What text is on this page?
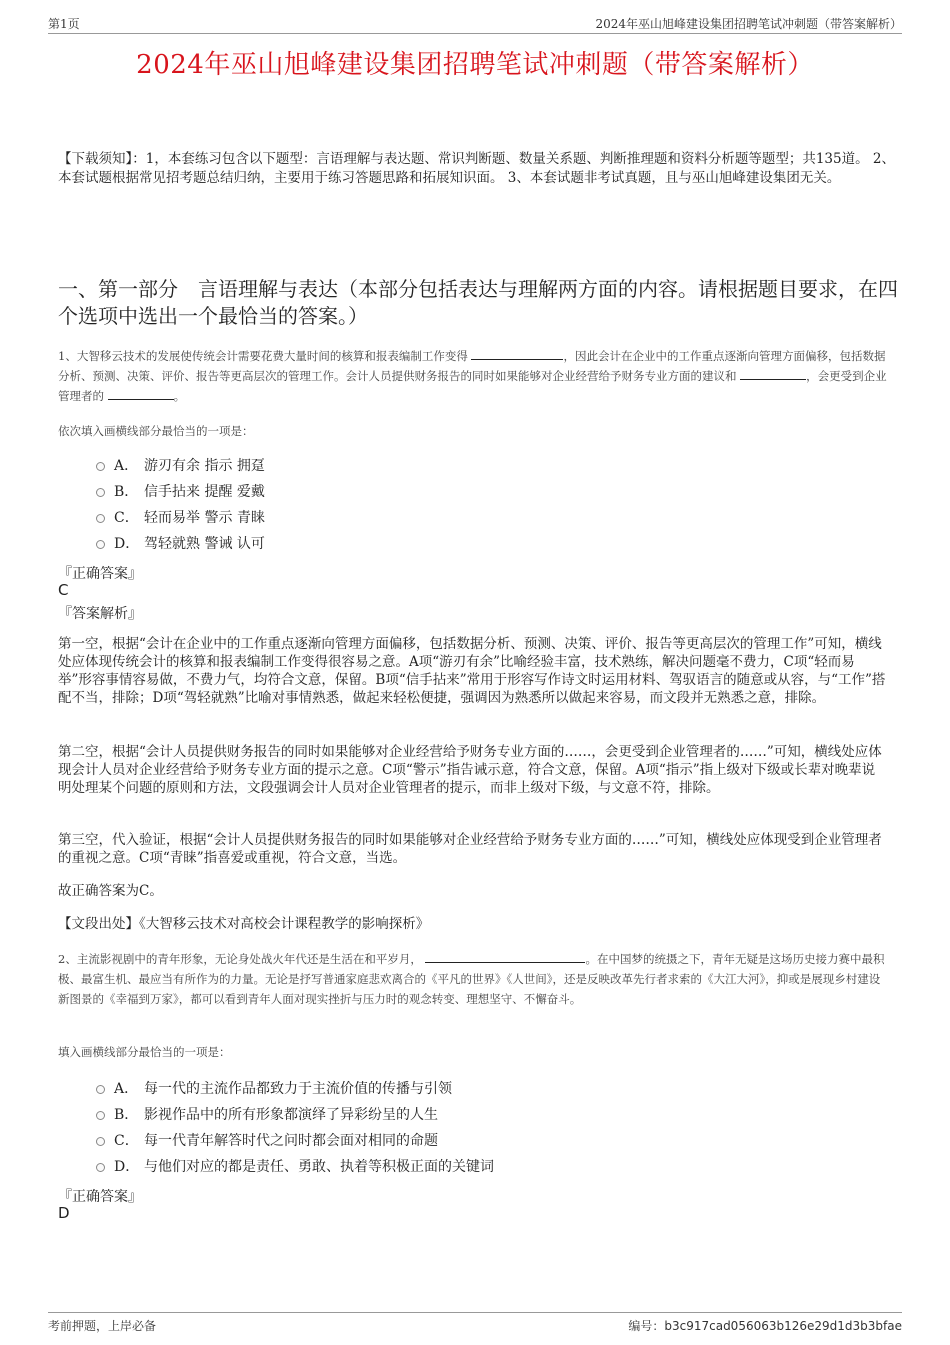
第1页	2024年巫山旭峰建设集团招聘笔试冲刺题（带答案解析）
2024年巫山旭峰建设集团招聘笔试冲刺题（带答案解析）

【下载须知】：1，本套练习包含以下题型：言语理解与表达题、常识判断题、数量关系题、判断推理题和资料分析题等题型；共135道。 2、本套试题根据常见招考题总结归纳，主要用于练习答题思路和拓展知识面。 3、本套试题非考试真题，且与巫山旭峰建设集团无关。

一、第一部分　言语理解与表达（本部分包括表达与理解两方面的内容。请根据题目要求，在四个选项中选出一个最恰当的答案。）

1、大智移云技术的发展使传统会计需要花费大量时间的核算和报表编制工作变得	，因此会计在企业中的工作重点逐渐向管理方面偏移，包括数据分析、预测、决策、评价、报告等更高层次的管理工作。会计人员提供财务报告的同时如果能够对企业经营给予财务专业方面的建议和	，会更受到企业管理者的	。

依次填入画横线部分最恰当的一项是：

A． 游刃有余 指示 拥趸
B． 信手拈来 提醒 爱戴
C． 轻而易举 警示 青睐
D． 驾轻就熟 警诫 认可
『正确答案』
C
『答案解析』

第一空，根据“会计在企业中的工作重点逐渐向管理方面偏移，包括数据分析、预测、决策、评价、报告等更高层次的管理工作”可知，横线处应体现传统会计的核算和报表编制工作变得很容易之意。A项“游刃有余”比喻经验丰富，技术熟练，解决问题毫不费力，C项“轻而易举”形容事情容易做，不费力气，均符合文意，保留。B项“信手拈来”常用于形容写作诗文时运用材料、驾驭语言的随意或从容，与“工作”搭配不当，排除；D项“驾轻就熟”比喻对事情熟悉，做起来轻松便捷，强调因为熟悉所以做起来容易，而文段并无熟悉之意，排除。

第二空，根据“会计人员提供财务报告的同时如果能够对企业经营给予财务专业方面的……，会更受到企业管理者的……”可知，横线处应体现会计人员对企业经营给予财务专业方面的提示之意。C项“警示”指告诫示意，符合文意，保留。A项“指示”指上级对下级或长辈对晚辈说明处理某个问题的原则和方法，文段强调会计人员对企业管理者的提示，而非上级对下级，与文意不符，排除。

第三空，代入验证，根据“会计人员提供财务报告的同时如果能够对企业经营给予财务专业方面的……”可知，横线处应体现受到企业管理者的重视之意。C项“青睐”指喜爱或重视，符合文意，当选。

故正确答案为C。

【文段出处】《大智移云技术对高校会计课程教学的影响探析》

2、主流影视剧中的青年形象，无论身处战火年代还是生活在和平岁月，	。在中国梦的统摄之下，青年无疑是这场历史接力赛中最积极、最富生机、最应当有所作为的力量。无论是抒写普通家庭悲欢离合的《平凡的世界》《人世间》，还是反映改革先行者求索的《大江大河》，抑或是展现乡村建设新图景的《幸福到万家》，都可以看到青年人面对现实挫折与压力时的观念转变、理想坚守、不懈奋斗。

填入画横线部分最恰当的一项是：

A． 每一代的主流作品都致力于主流价值的传播与引领
B． 影视作品中的所有形象都演绎了异彩纷呈的人生
C． 每一代青年解答时代之问时都会面对相同的命题
D． 与他们对应的都是责任、勇敢、执着等积极正面的关键词
『正确答案』
D
考前押题，上岸必备	编号：b3c917cad056063b126e29d1d3b3bfae
